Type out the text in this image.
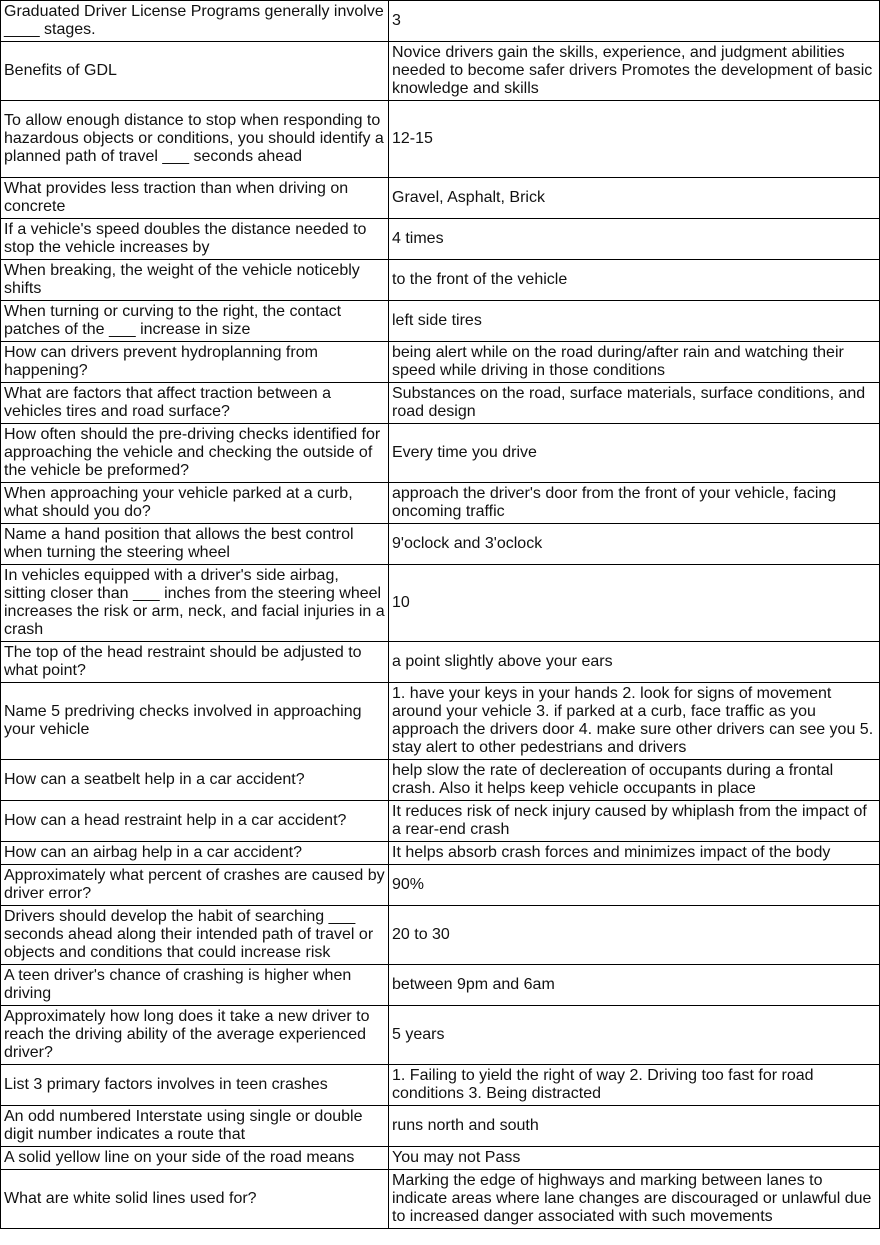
Graduated Driver License Programs generally involve ____ stages.	3
Benefits of GDL	Novice drivers gain the skills, experience, and judgment abilities needed to become safer drivers Promotes the development of basic knowledge and skills
To allow enough distance to stop when responding to hazardous objects or conditions, you should identify a planned path of travel ___ seconds ahead	12-15
What provides less traction than when driving on concrete	Gravel, Asphalt, Brick
If a vehicle's speed doubles the distance needed to stop the vehicle increases by	4 times
When breaking, the weight of the vehicle noticebly shifts	to the front of the vehicle
When turning or curving to the right, the contact patches of the ___ increase in size	left side tires
How can drivers prevent hydroplanning from happening?	being alert while on the road during/after rain and watching their speed while driving in those conditions
What are factors that affect traction between a vehicles tires and road surface?	Substances on the road, surface materials, surface conditions, and road design
How often should the pre-driving checks identified for approaching the vehicle and checking the outside of the vehicle be preformed?	Every time you drive
When approaching your vehicle parked at a curb, what should you do?	approach the driver's door from the front of your vehicle, facing oncoming traffic
Name a hand position that allows the best control when turning the steering wheel	9'oclock and 3'oclock
In vehicles equipped with a driver's side airbag, sitting closer than ___ inches from the steering wheel increases the risk or arm, neck, and facial injuries in a crash	10
The top of the head restraint should be adjusted to what point?	a point slightly above your ears
Name 5 predriving checks involved in approaching your vehicle	1. have your keys in your hands 2. look for signs of movement around your vehicle 3. if parked at a curb, face traffic as you approach the drivers door 4. make sure other drivers can see you 5. stay alert to other pedestrians and drivers
How can a seatbelt help in a car accident?	help slow the rate of declereation of occupants during a frontal crash. Also it helps keep vehicle occupants in place
How can a head restraint help in a car accident?	It reduces risk of neck injury caused by whiplash from the impact of a rear-end crash
How can an airbag help in a car accident?	It helps absorb crash forces and minimizes impact of the body
Approximately what percent of crashes are caused by driver error?	90%
Drivers should develop the habit of searching ___ seconds ahead along their intended path of travel or objects and conditions that could increase risk	20 to 30
A teen driver's chance of crashing is higher when driving	between 9pm and 6am
Approximately how long does it take a new driver to reach the driving ability of the average experienced driver?	5 years
List 3 primary factors involves in teen crashes	1. Failing to yield the right of way 2. Driving too fast for road conditions 3. Being distracted
An odd numbered Interstate using single or double digit number indicates a route that	runs north and south
A solid yellow line on your side of the road means	You may not Pass
What are white solid lines used for?	Marking the edge of highways and marking between lanes to indicate areas where lane changes are discouraged or unlawful due to increased danger associated with such movements
